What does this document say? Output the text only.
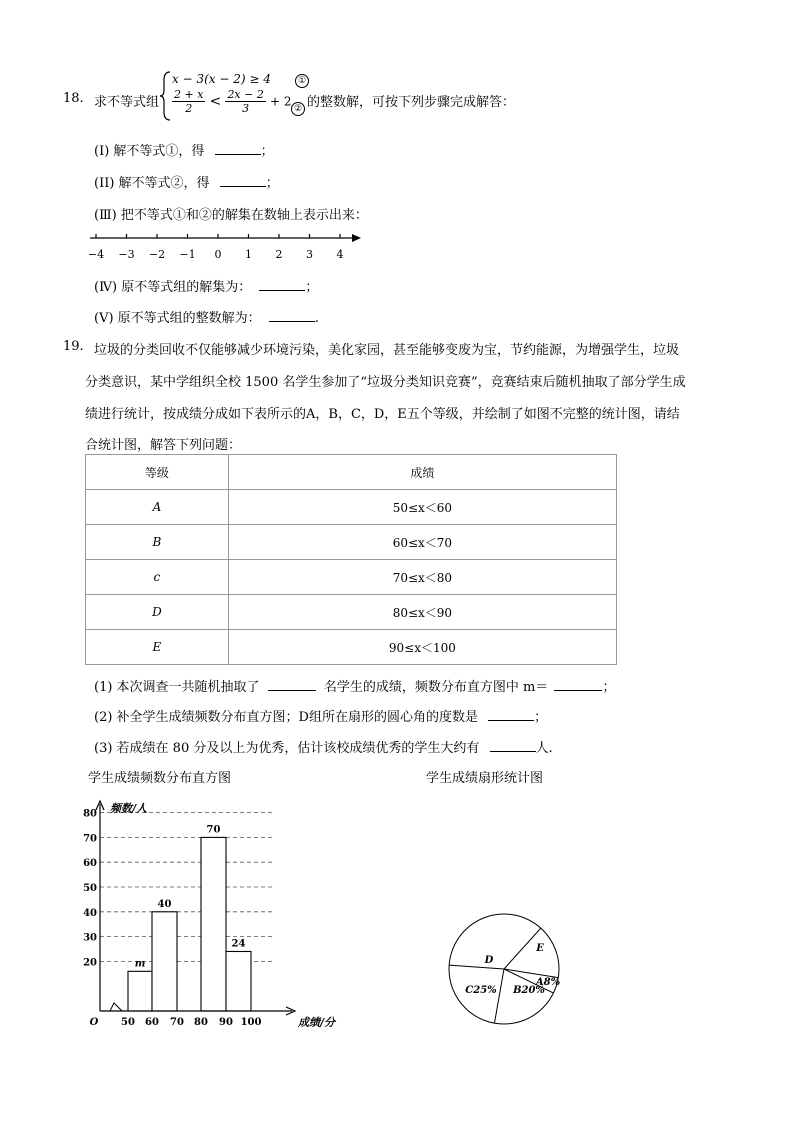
18. 求不等式组
x − 3(x − 2) ≥ 4	①
$\frac{2 + x}{2} < \frac{2x - 2}{3} + 2$
② 的整数解，可按下列步骤完成解答：
(I) 解不等式①，得	；
(II) 解不等式②，得	；
(Ⅲ) 把不等式①和②的解集在数轴上表示出来：
−4 −3 −2 −1 0 1 2 3 4
(Ⅳ) 原不等式组的解集为：	；
(Ⅴ) 原不等式组的整数解为：	.
19. 垃圾的分类回收不仅能够减少环境污染，美化家园，甚至能够变废为宝，节约能源，为增强学生，垃圾
分类意识，某中学组织全校 1500 名学生参加了“垃圾分类知识竞赛”，竞赛结束后随机抽取了部分学生成
绩进行统计，按成绩分成如下表所示的A，B，C，D，E五个等级，并绘制了如图不完整的统计图，请结
合统计图，解答下列问题：
等级	成绩
A	50≤x＜60
B	60≤x＜70
c	70≤x＜80
D	80≤x＜90
E	90≤x＜100
(1) 本次调查一共随机抽取了	名学生的成绩，频数分布直方图中 m＝	；
(2) 补全学生成绩频数分布直方图；D组所在扇形的圆心角的度数是	；
(3) 若成绩在 80 分及以上为优秀，估计该校成绩优秀的学生大约有	人.
学生成绩频数分布直方图	学生成绩扇形统计图
20
30
40
50
60
70
80
O 50 60 70 80 90 100
m
40
70
24
频数/人
成绩/分
A8%
B20%
C25%
D
E
